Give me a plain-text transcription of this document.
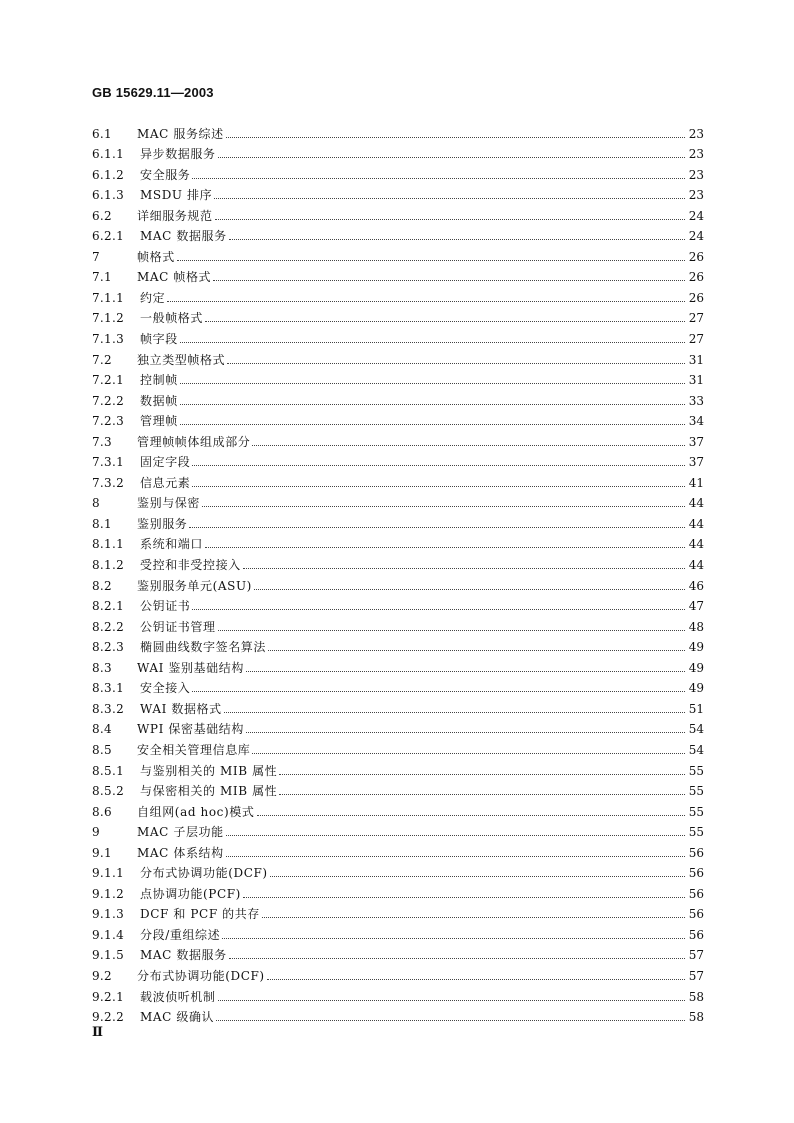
GB 15629.11—2003
6.1	MAC 服务综述	23
6.1.1	异步数据服务	23
6.1.2	安全服务	23
6.1.3	MSDU 排序	23
6.2	详细服务规范	24
6.2.1	MAC 数据服务	24
7	帧格式	26
7.1	MAC 帧格式	26
7.1.1	约定	26
7.1.2	一般帧格式	27
7.1.3	帧字段	27
7.2	独立类型帧格式	31
7.2.1	控制帧	31
7.2.2	数据帧	33
7.2.3	管理帧	34
7.3	管理帧帧体组成部分	37
7.3.1	固定字段	37
7.3.2	信息元素	41
8	鉴别与保密	44
8.1	鉴别服务	44
8.1.1	系统和端口	44
8.1.2	受控和非受控接入	44
8.2	鉴别服务单元(ASU)	46
8.2.1	公钥证书	47
8.2.2	公钥证书管理	48
8.2.3	椭圆曲线数字签名算法	49
8.3	WAI 鉴别基础结构	49
8.3.1	安全接入	49
8.3.2	WAI 数据格式	51
8.4	WPI 保密基础结构	54
8.5	安全相关管理信息库	54
8.5.1	与鉴别相关的 MIB 属性	55
8.5.2	与保密相关的 MIB 属性	55
8.6	自组网(ad hoc)模式	55
9	MAC 子层功能	55
9.1	MAC 体系结构	56
9.1.1	分布式协调功能(DCF)	56
9.1.2	点协调功能(PCF)	56
9.1.3	DCF 和 PCF 的共存	56
9.1.4	分段/重组综述	56
9.1.5	MAC 数据服务	57
9.2	分布式协调功能(DCF)	57
9.2.1	载波侦听机制	58
9.2.2	MAC 级确认	58
Ⅱ
